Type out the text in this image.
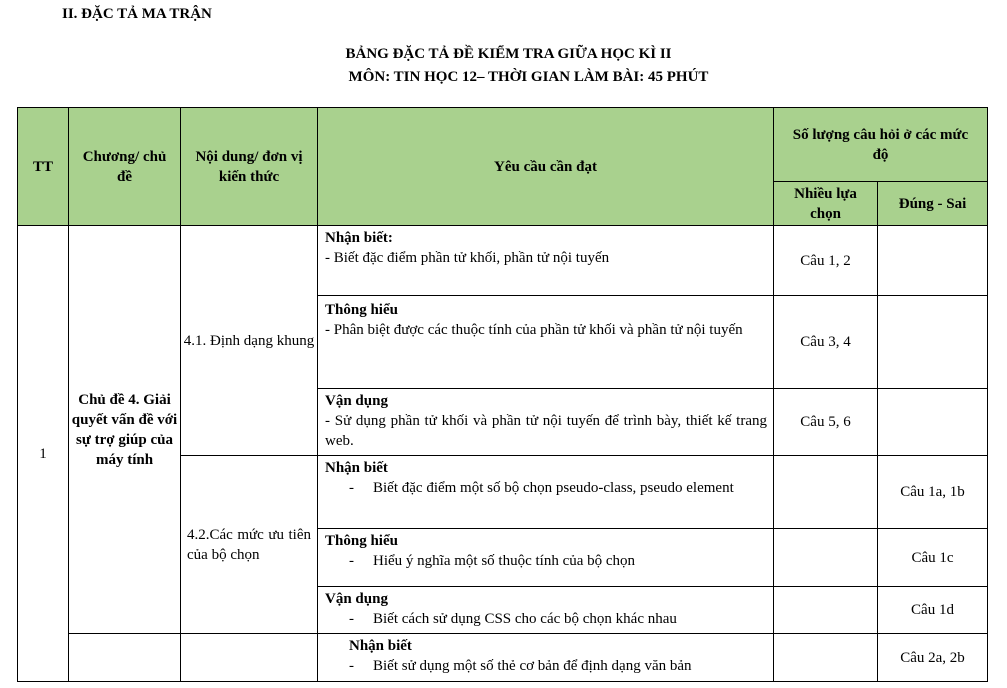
II. ĐẶC TẢ MA TRẬN
BẢNG ĐẶC TẢ ĐỀ KIỂM TRA GIỮA HỌC KÌ II
MÔN: TIN HỌC 12– THỜI GIAN LÀM BÀI: 45 PHÚT
TT	Chương/ chủ đề	Nội dung/ đơn vị kiến thức	Yêu cầu cần đạt	Số lượng câu hỏi ở các mức độ	
				Nhiều lựa chọn	Đúng - Sai
1	Chủ đề 4. Giải quyết vấn đề với sự trợ giúp của máy tính	4.1. Định dạng khung	Nhận biết:
- Biết đặc điểm phần tử khối, phần tử nội tuyến	Câu 1, 2	

			Thông hiểu
- Phân biệt được các thuộc tính của phần tử khối và phần tử nội tuyến	Câu 3, 4	

			Vận dụng
- Sử dụng phần tử khối và phần tử nội tuyến để trình bày, thiết kế trang web.	Câu 5, 6	
		4.2.Các mức ưu tiên của bộ chọn	Nhận biết
- Biết đặc điểm một số bộ chọn pseudo-class, pseudo element		Câu 1a, 1b

			Thông hiểu
- Hiểu ý nghĩa một số thuộc tính của bộ chọn		Câu 1c

			Vận dụng
- Biết cách sử dụng CSS cho các bộ chọn khác nhau		Câu 1d

			Nhận biết
- Biết sử dụng một số thẻ cơ bản để định dạng văn bản		Câu 2a, 2b
